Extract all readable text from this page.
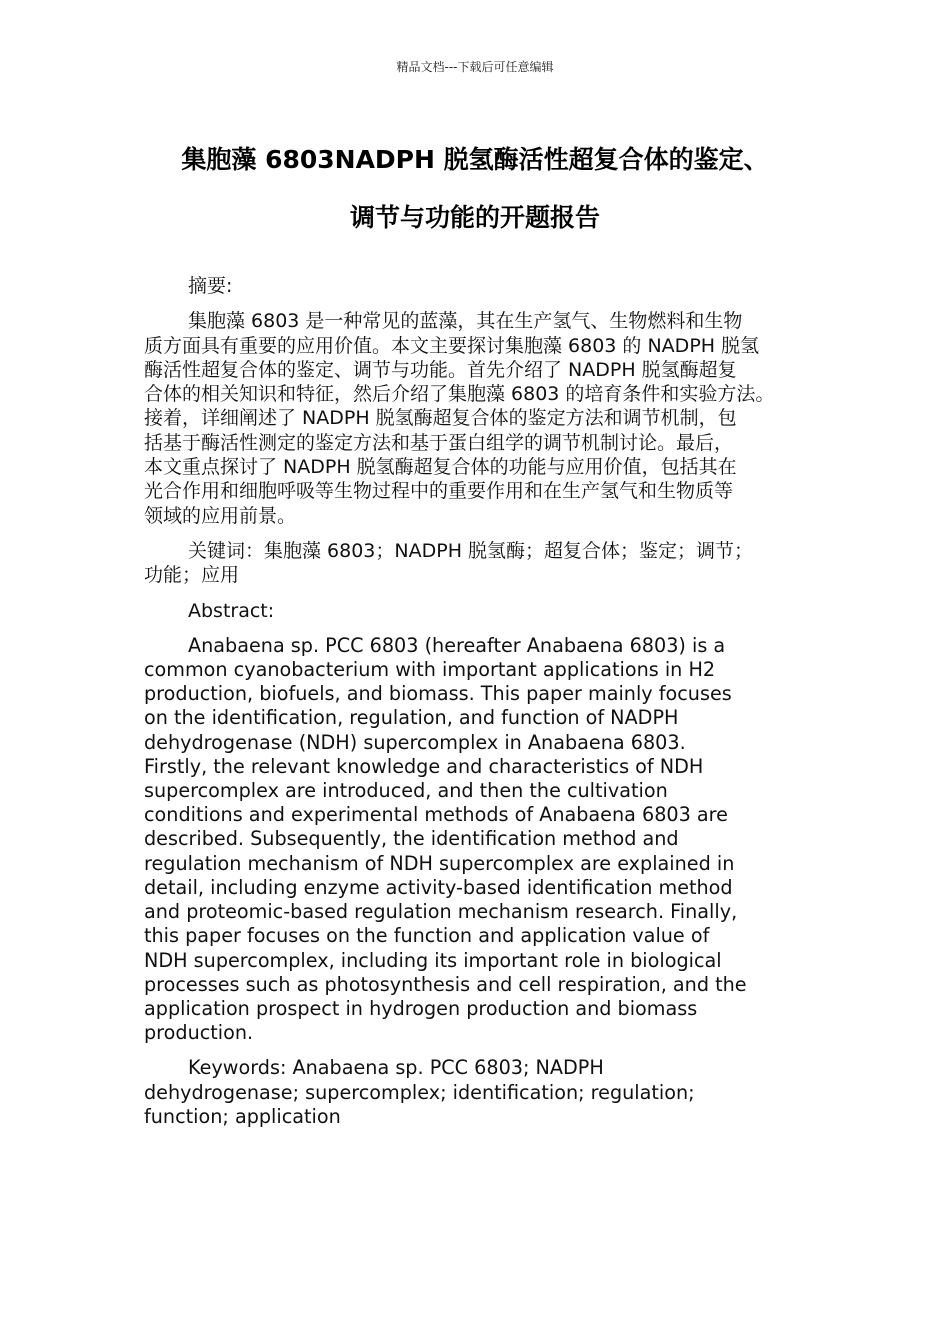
精品文档---下载后可任意编辑
集胞藻 6803NADPH 脱氢酶活性超复合体的鉴定、
调节与功能的开题报告
摘要:
集胞藻 6803 是一种常见的蓝藻，其在生产氢气、生物燃料和生物
质方面具有重要的应用价值。本文主要探讨集胞藻 6803 的 NADPH 脱氢
酶活性超复合体的鉴定、调节与功能。首先介绍了 NADPH 脱氢酶超复
合体的相关知识和特征，然后介绍了集胞藻 6803 的培育条件和实验方法。
接着，详细阐述了 NADPH 脱氢酶超复合体的鉴定方法和调节机制，包
括基于酶活性测定的鉴定方法和基于蛋白组学的调节机制讨论。最后，
本文重点探讨了 NADPH 脱氢酶超复合体的功能与应用价值，包括其在
光合作用和细胞呼吸等生物过程中的重要作用和在生产氢气和生物质等
领域的应用前景。
关键词：集胞藻 6803；NADPH 脱氢酶；超复合体；鉴定；调节；
功能；应用
Abstract:
Anabaena sp. PCC 6803 (hereafter Anabaena 6803) is a
common cyanobacterium with important applications in H2
production, biofuels, and biomass. This paper mainly focuses
on the identification, regulation, and function of NADPH
dehydrogenase (NDH) supercomplex in Anabaena 6803.
Firstly, the relevant knowledge and characteristics of NDH
supercomplex are introduced, and then the cultivation
conditions and experimental methods of Anabaena 6803 are
described. Subsequently, the identification method and
regulation mechanism of NDH supercomplex are explained in
detail, including enzyme activity-based identification method
and proteomic-based regulation mechanism research. Finally,
this paper focuses on the function and application value of
NDH supercomplex, including its important role in biological
processes such as photosynthesis and cell respiration, and the
application prospect in hydrogen production and biomass
production.
Keywords: Anabaena sp. PCC 6803; NADPH
dehydrogenase; supercomplex; identification; regulation;
function; application
